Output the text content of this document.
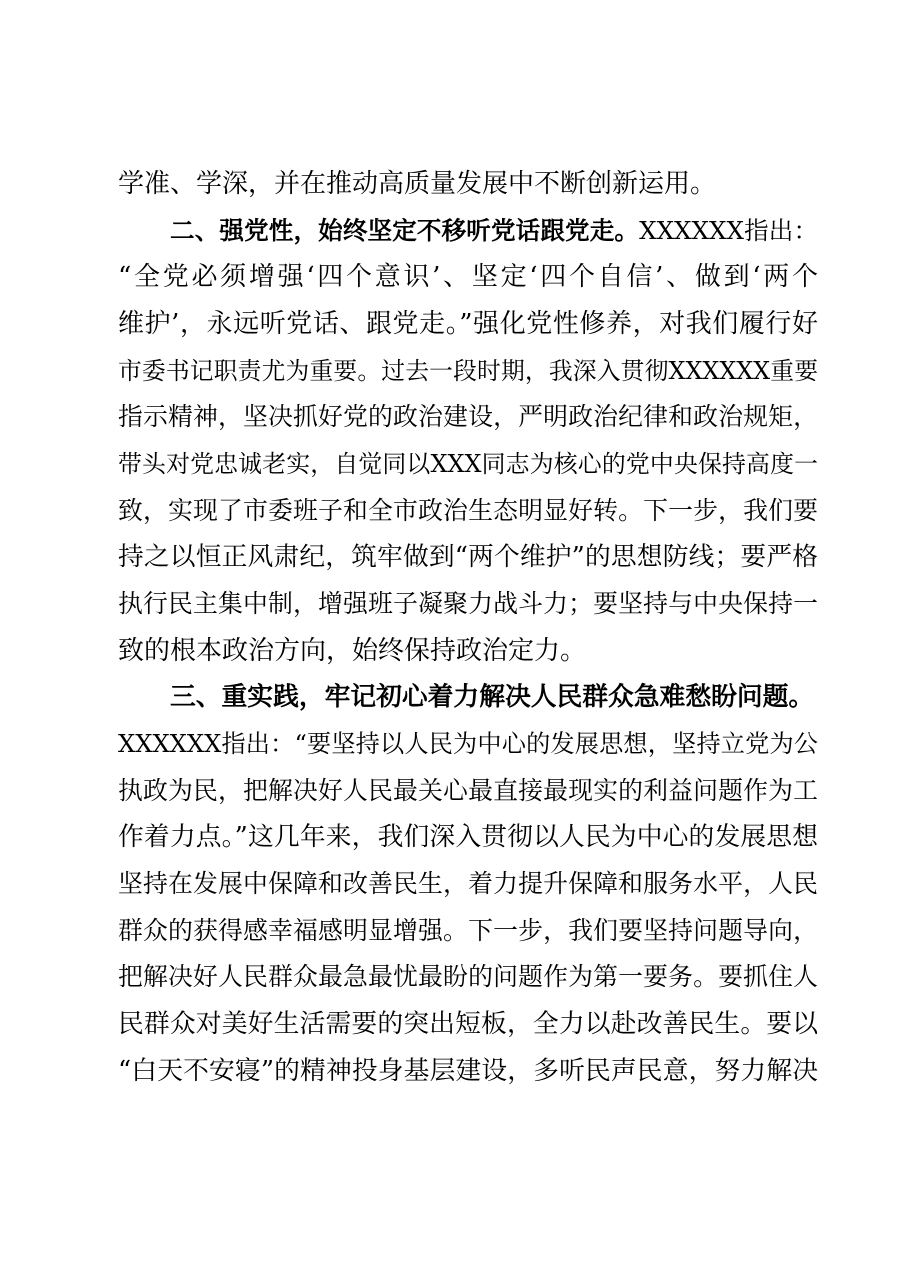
学准、学深，并在推动高质量发展中不断创新运用。
二、强党性，始终坚定不移听党话跟党走。XXXXXX指出：
“全党必须增强‘四个意识’、坚定‘四个自信’、做到‘两个
维护’，永远听党话、跟党走。”强化党性修养，对我们履行好
市委书记职责尤为重要。过去一段时期，我深入贯彻XXXXXX重要
指示精神，坚决抓好党的政治建设，严明政治纪律和政治规矩，
带头对党忠诚老实，自觉同以XXX同志为核心的党中央保持高度一
致，实现了市委班子和全市政治生态明显好转。下一步，我们要
持之以恒正风肃纪，筑牢做到“两个维护”的思想防线；要严格
执行民主集中制，增强班子凝聚力战斗力；要坚持与中央保持一
致的根本政治方向，始终保持政治定力。
三、重实践，牢记初心着力解决人民群众急难愁盼问题。
XXXXXX指出：“要坚持以人民为中心的发展思想，坚持立党为公
执政为民，把解决好人民最关心最直接最现实的利益问题作为工
作着力点。”这几年来，我们深入贯彻以人民为中心的发展思想
坚持在发展中保障和改善民生，着力提升保障和服务水平，人民
群众的获得感幸福感明显增强。下一步，我们要坚持问题导向，
把解决好人民群众最急最忧最盼的问题作为第一要务。要抓住人
民群众对美好生活需要的突出短板，全力以赴改善民生。要以
“白天不安寝”的精神投身基层建设，多听民声民意，努力解决
